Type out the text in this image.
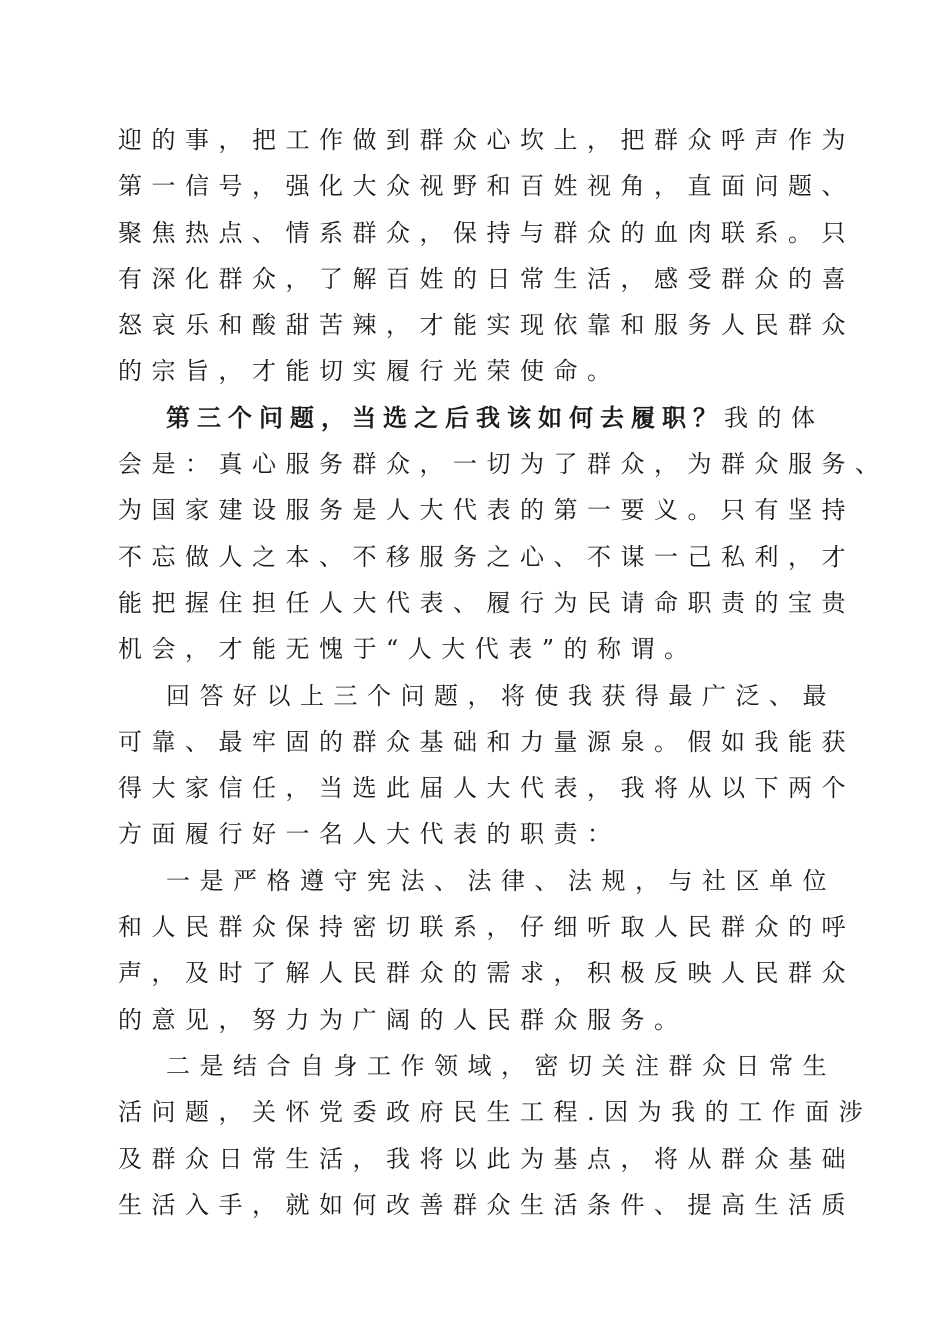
迎的事，把工作做到群众心坎上，把群众呼声作为
第一信号，强化大众视野和百姓视角，直面问题、
聚焦热点、情系群众，保持与群众的血肉联系。只
有深化群众，了解百姓的日常生活，感受群众的喜
怒哀乐和酸甜苦辣，才能实现依靠和服务人民群众
的宗旨，才能切实履行光荣使命。
第三个问题，当选之后我该如何去履职？我的体
会是：真心服务群众，一切为了群众，为群众服务、
为国家建设服务是人大代表的第一要义。只有坚持
不忘做人之本、不移服务之心、不谋一己私利，才
能把握住担任人大代表、履行为民请命职责的宝贵
机会，才能无愧于“人大代表”的称谓。
回答好以上三个问题，将使我获得最广泛、最
可靠、最牢固的群众基础和力量源泉。假如我能获
得大家信任，当选此届人大代表，我将从以下两个
方面履行好一名人大代表的职责：
一是严格遵守宪法、法律、法规，与社区单位
和人民群众保持密切联系，仔细听取人民群众的呼
声，及时了解人民群众的需求，积极反映人民群众
的意见，努力为广阔的人民群众服务。
二是结合自身工作领域，密切关注群众日常生
活问题，关怀党委政府民生工程.因为我的工作面涉
及群众日常生活，我将以此为基点，将从群众基础
生活入手，就如何改善群众生活条件、提高生活质
